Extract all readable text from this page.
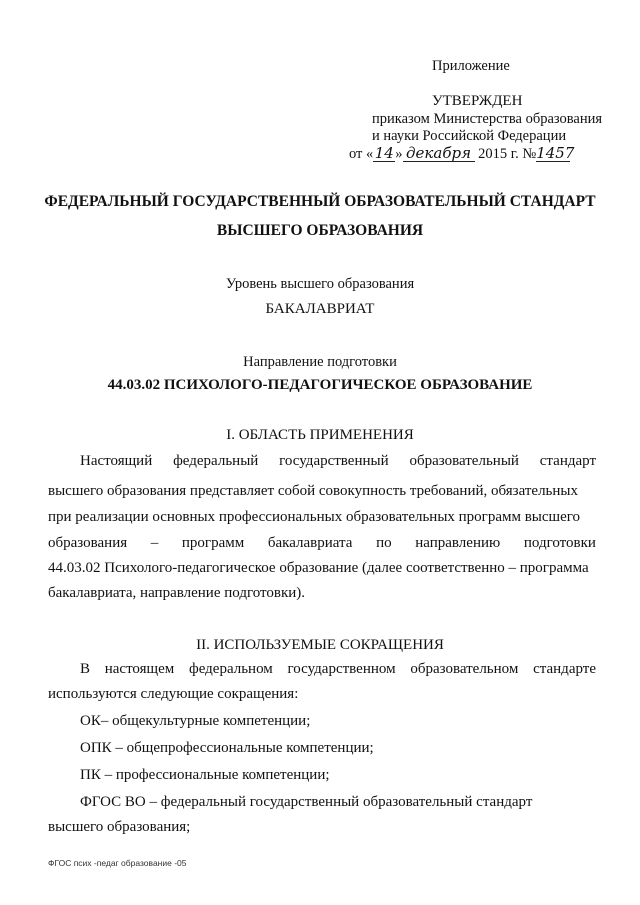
Приложение
УТВЕРЖДЕН
приказом Министерства образования
и науки Российской Федерации
от «14» декабря 2015 г. №1457
ФЕДЕРАЛЬНЫЙ ГОСУДАРСТВЕННЫЙ ОБРАЗОВАТЕЛЬНЫЙ СТАНДАРТ
ВЫСШЕГО ОБРАЗОВАНИЯ
Уровень высшего образования
БАКАЛАВРИАТ
Направление подготовки
44.03.02 ПСИХОЛОГО-ПЕДАГОГИЧЕСКОЕ ОБРАЗОВАНИЕ
I. ОБЛАСТЬ ПРИМЕНЕНИЯ
Настоящий федеральный государственный образовательный стандарт
высшего образования представляет собой совокупность требований, обязательных
при реализации основных профессиональных образовательных программ высшего
образования – программ бакалавриата по направлению подготовки
44.03.02 Психолого-педагогическое образование (далее соответственно – программа
бакалавриата, направление подготовки).
II. ИСПОЛЬЗУЕМЫЕ СОКРАЩЕНИЯ
В настоящем федеральном государственном образовательном стандарте
используются следующие сокращения:
ОК– общекультурные компетенции;
ОПК – общепрофессиональные компетенции;
ПК – профессиональные компетенции;
ФГОС ВО – федеральный государственный образовательный стандарт
высшего образования;
ФГОС псих -педаг образование -05
